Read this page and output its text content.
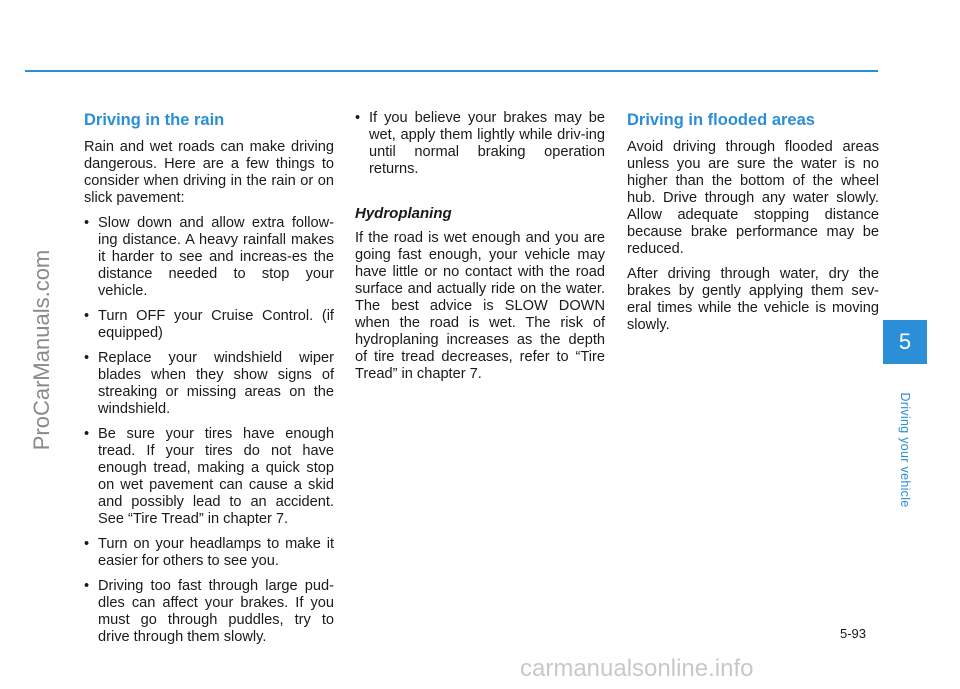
ProCarManuals.com
Driving in the rain

Rain and wet roads can make driving dangerous. Here are a few things to consider when driving in the rain or on slick pavement:

• Slow down and allow extra follow-ing distance. A heavy rainfall makes it harder to see and increas-es the distance needed to stop your vehicle.
• Turn OFF your Cruise Control. (if equipped)
• Replace your windshield wiper blades when they show signs of streaking or missing areas on the windshield.
• Be sure your tires have enough tread. If your tires do not have enough tread, making a quick stop on wet pavement can cause a skid and possibly lead to an accident. See “Tire Tread” in chapter 7.
• Turn on your headlamps to make it easier for others to see you.
• Driving too fast through large pud-dles can affect your brakes. If you must go through puddles, try to drive through them slowly.
• If you believe your brakes may be wet, apply them lightly while driv-ing until normal braking operation returns.
Hydroplaning

If the road is wet enough and you are going fast enough, your vehicle may have little or no contact with the road surface and actually ride on the water. The best advice is SLOW DOWN when the road is wet. The risk of hydroplaning increases as the depth of tire tread decreases, refer to “Tire Tread” in chapter 7.

Driving in flooded areas

Avoid driving through flooded areas unless you are sure the water is no higher than the bottom of the wheel hub. Drive through any water slowly. Allow adequate stopping distance because brake performance may be reduced.

After driving through water, dry the brakes by gently applying them sev-eral times while the vehicle is moving slowly.

5
Driving your vehicle
5-93
carmanualsonline.info
